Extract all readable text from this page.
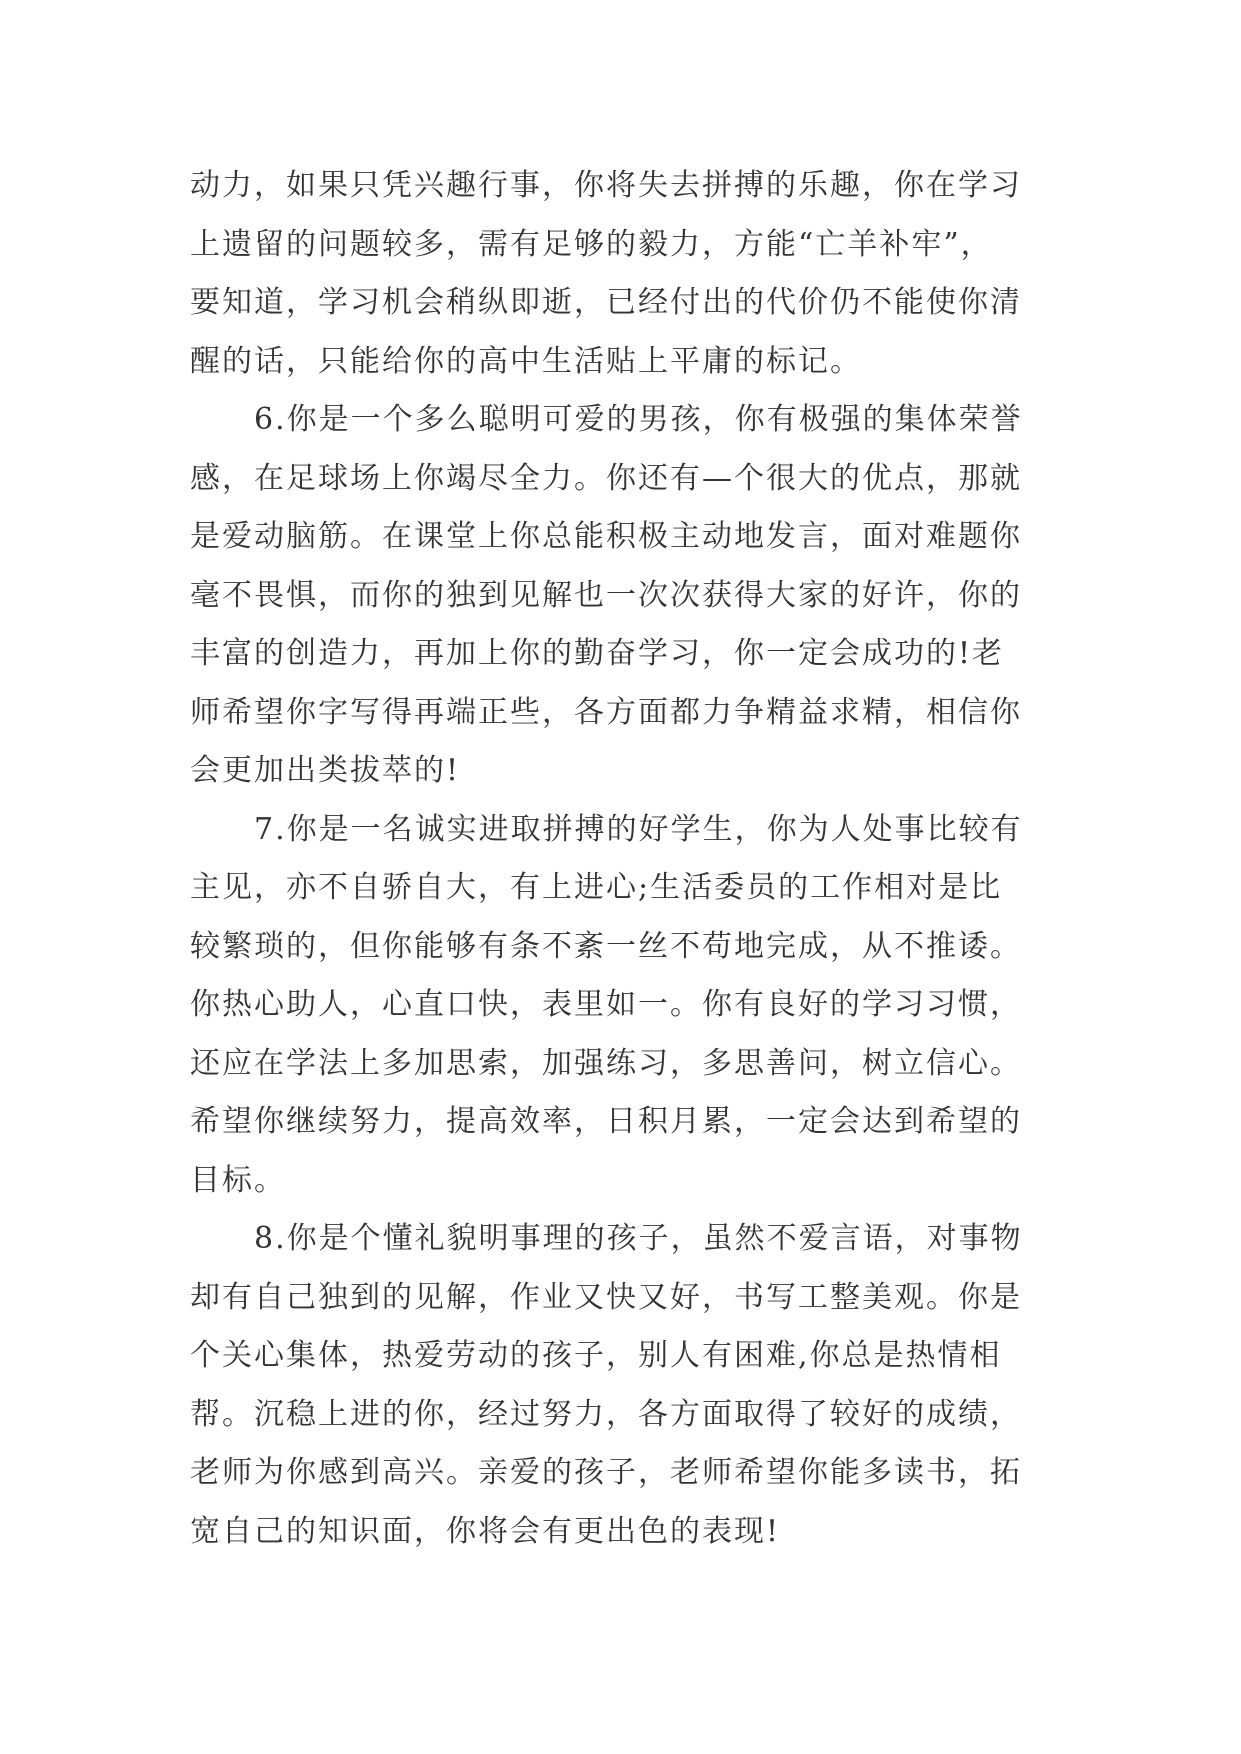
动力，如果只凭兴趣行事，你将失去拼搏的乐趣，你在学习
上遗留的问题较多，需有足够的毅力，方能“亡羊补牢”，
要知道，学习机会稍纵即逝，已经付出的代价仍不能使你清
醒的话，只能给你的高中生活贴上平庸的标记。
6.你是一个多么聪明可爱的男孩，你有极强的集体荣誉
感，在足球场上你竭尽全力。你还有—个很大的优点，那就
是爱动脑筋。在课堂上你总能积极主动地发言，面对难题你
毫不畏惧，而你的独到见解也一次次获得大家的好许，你的
丰富的创造力，再加上你的勤奋学习，你一定会成功的!老
师希望你字写得再端正些，各方面都力争精益求精，相信你
会更加出类拔萃的!
7.你是一名诚实进取拼搏的好学生，你为人处事比较有
主见，亦不自骄自大，有上进心;生活委员的工作相对是比
较繁琐的，但你能够有条不紊一丝不苟地完成，从不推诿。
你热心助人，心直口快，表里如一。你有良好的学习习惯，
还应在学法上多加思索，加强练习，多思善问，树立信心。
希望你继续努力，提高效率，日积月累，一定会达到希望的
目标。
8.你是个懂礼貌明事理的孩子，虽然不爱言语，对事物
却有自己独到的见解，作业又快又好，书写工整美观。你是
个关心集体，热爱劳动的孩子，别人有困难,你总是热情相
帮。沉稳上进的你，经过努力，各方面取得了较好的成绩，
老师为你感到高兴。亲爱的孩子，老师希望你能多读书，拓
宽自己的知识面，你将会有更出色的表现!
